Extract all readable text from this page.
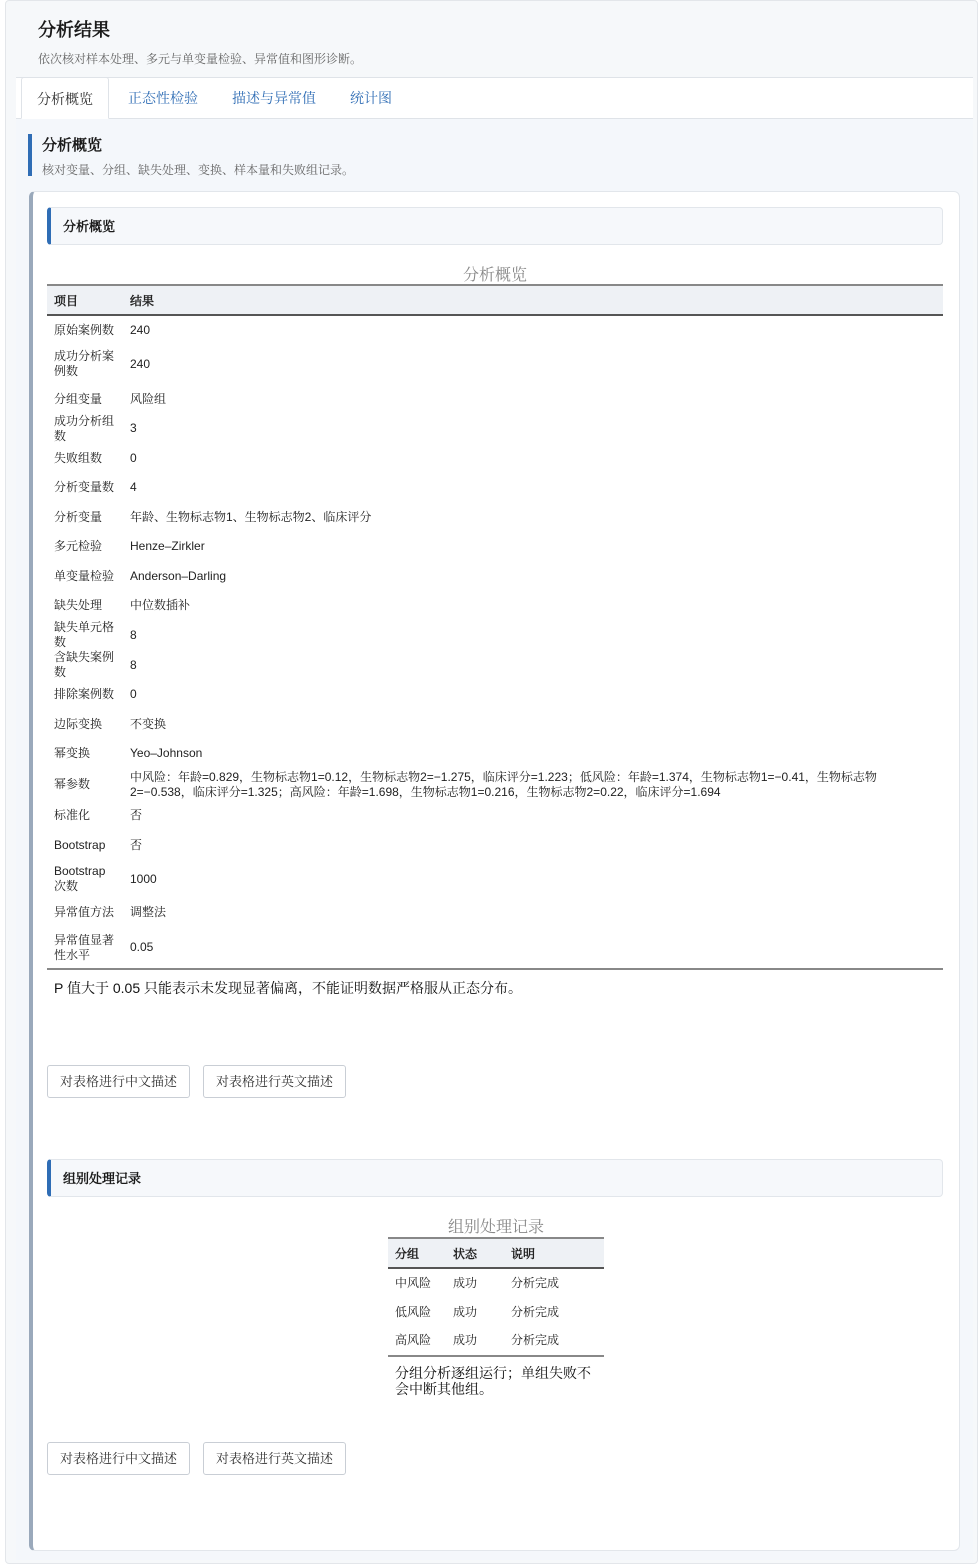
分析结果
依次核对样本处理、多元与单变量检验、异常值和图形诊断。
分析概览	正态性检验	描述与异常值	统计图
分析概览
核对变量、分组、缺失处理、变换、样本量和失败组记录。
分析概览
分析概览
项目	结果
原始案例数	240
成功分析案例数	240
分组变量	风险组
成功分析组数	3
失败组数	0
分析变量数	4
分析变量	年龄、生物标志物1、生物标志物2、临床评分
多元检验	Henze–Zirkler
单变量检验	Anderson–Darling
缺失处理	中位数插补
缺失单元格数	8
含缺失案例数	8
排除案例数	0
边际变换	不变换
幂变换	Yeo–Johnson
幂参数	中风险：年龄=0.829，生物标志物1=0.12，生物标志物2=−1.275，临床评分=1.223；低风险：年龄=1.374，生物标志物1=−0.41，生物标志物2=−0.538，临床评分=1.325；高风险：年龄=1.698，生物标志物1=0.216，生物标志物2=0.22，临床评分=1.694
标准化	否
Bootstrap	否
Bootstrap 次数	1000
异常值方法	调整法
异常值显著性水平	0.05
P 值大于 0.05 只能表示未发现显著偏离，不能证明数据严格服从正态分布。
对表格进行中文描述	对表格进行英文描述
组别处理记录
组别处理记录
分组	状态	说明
中风险	成功	分析完成
低风险	成功	分析完成
高风险	成功	分析完成
分组分析逐组运行；单组失败不会中断其他组。
对表格进行中文描述	对表格进行英文描述
